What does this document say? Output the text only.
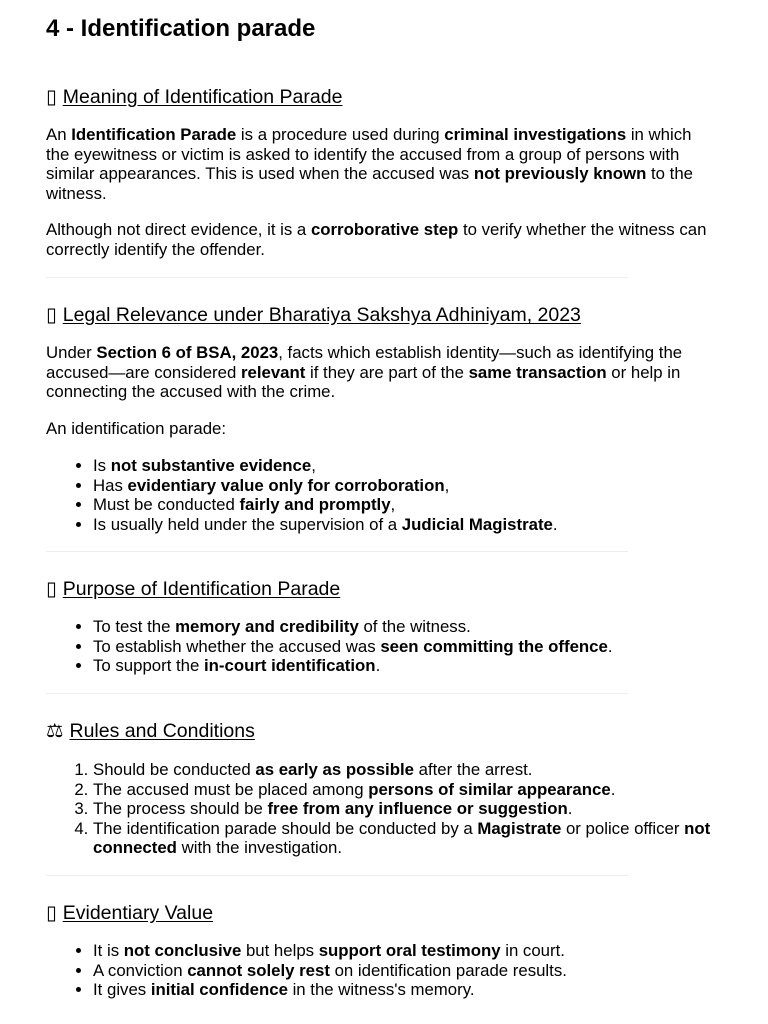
4 - Identification parade
▯ Meaning of Identification Parade

An Identification Parade is a procedure used during criminal investigations in which the eyewitness or victim is asked to identify the accused from a group of persons with similar appearances. This is used when the accused was not previously known to the witness.

Although not direct evidence, it is a corroborative step to verify whether the witness can correctly identify the offender.

▯ Legal Relevance under Bharatiya Sakshya Adhiniyam, 2023

Under Section 6 of BSA, 2023, facts which establish identity—such as identifying the accused—are considered relevant if they are part of the same transaction or help in connecting the accused with the crime.

An identification parade:

• Is not substantive evidence,
• Has evidentiary value only for corroboration,
• Must be conducted fairly and promptly,
• Is usually held under the supervision of a Judicial Magistrate.
▯ Purpose of Identification Parade
• To test the memory and credibility of the witness.
• To establish whether the accused was seen committing the offence.
• To support the in-court identification.
⚖ Rules and Conditions
1. Should be conducted as early as possible after the arrest.
2. The accused must be placed among persons of similar appearance.
3. The process should be free from any influence or suggestion.
4. The identification parade should be conducted by a Magistrate or police officer not connected with the investigation.
▯ Evidentiary Value
• It is not conclusive but helps support oral testimony in court.
• A conviction cannot solely rest on identification parade results.
• It gives initial confidence in the witness's memory.
